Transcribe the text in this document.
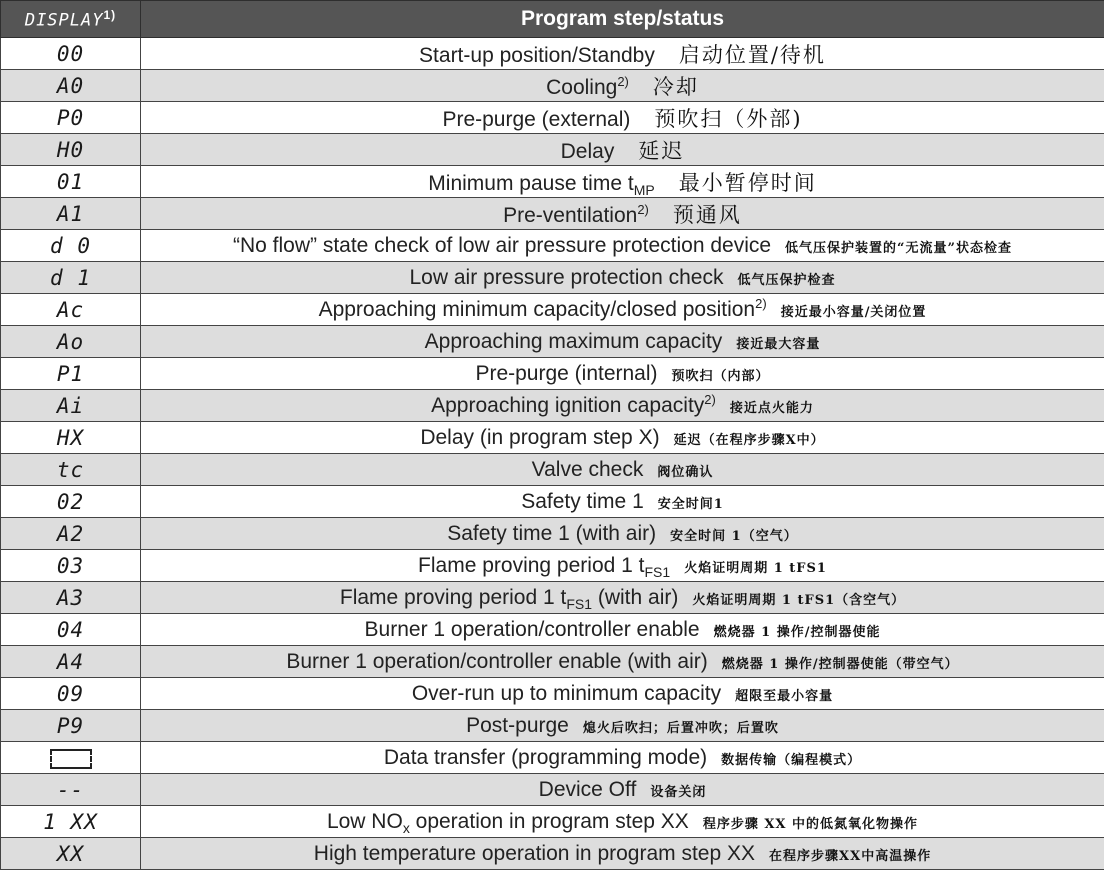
DISPLAY$^{1)}$	Program step/status
00	Start-up position/Standby 启动位置/待机
A0	Cooling$^{2)}$ 冷却
P0	Pre-purge (external) 预吹扫（外部)
H0	Delay 延迟
01	Minimum pause time $t_{MP}$ 最小暂停时间
A1	Pre-ventilation$^{2)}$ 预通风
d 0	“No flow” state check of low air pressure protection device 低气压保护装置的“无流量”状态检查
d 1	Low air pressure protection check 低气压保护检查
Ac	Approaching minimum capacity/closed position$^{2)}$接近最小容量/关闭位置
Ao	Approaching maximum capacity 接近最大容量
P1	Pre-purge (internal) 预吹扫（内部）
Ai	Approaching ignition capacity$^{2)}$接近点火能力
HX	Delay (in program step X) 延迟（在程序步骤X中）
tc	Valve check 阀位确认
02	Safety time 1 安全时间1
A2	Safety time 1 (with air) 安全时间 1（空气）
03	Flame proving period 1 $t_{FS1}$ 火焰证明周期 1 tFS1
A3	Flame proving period 1 $t_{FS1}$ (with air) 火焰证明周期 1 tFS1（含空气）
04	Burner 1 operation/controller enable 燃烧器 1 操作/控制器使能
A4	Burner 1 operation/controller enable (with air) 燃烧器 1 操作/控制器使能（带空气）
09	Over-run up to minimum capacity 超限至最小容量
P9	Post-purge 熄火后吹扫；后置冲吹；后置吹
	Data transfer (programming mode) 数据传输（编程模式）
--	Device Off 设备关闭
1 XX	Low $NO_x$ operation in program step XX 程序步骤 XX 中的低氮氧化物操作
XX	High temperature operation in program step XX 在程序步骤XX中高温操作
